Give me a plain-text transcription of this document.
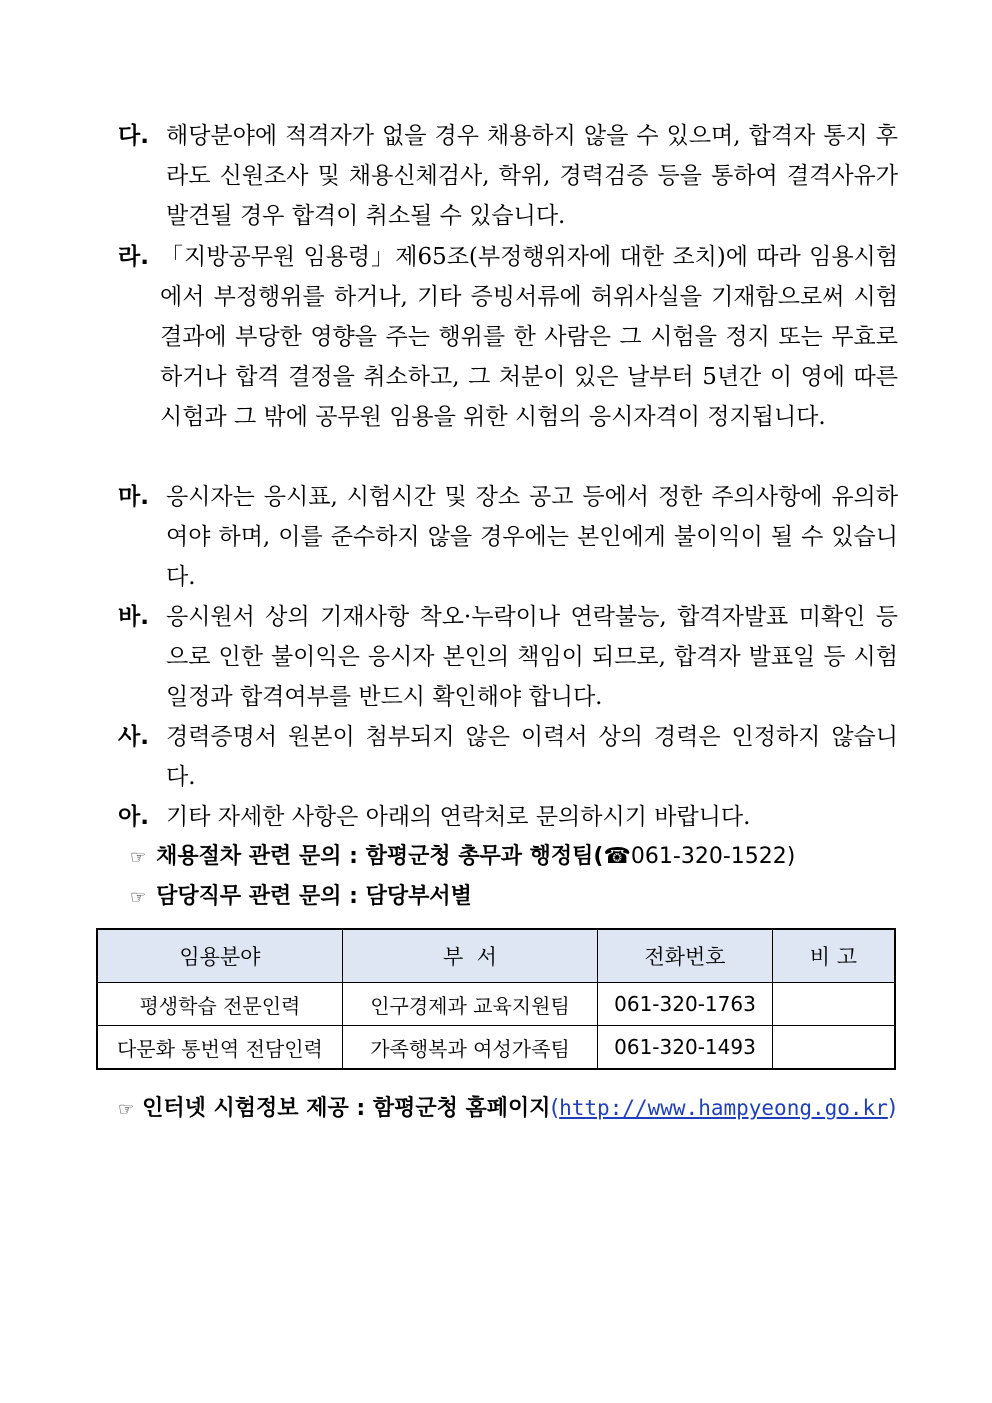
다. 해당분야에 적격자가 없을 경우 채용하지 않을 수 있으며, 합격자 통지 후라도 신원조사 및 채용신체검사, 학위, 경력검증 등을 통하여 결격사유가 발견될 경우 합격이 취소될 수 있습니다.
라. 「지방공무원 임용령」제65조(부정행위자에 대한 조치)에 따라 임용시험에서 부정행위를 하거나, 기타 증빙서류에 허위사실을 기재함으로써 시험결과에 부당한 영향을 주는 행위를 한 사람은 그 시험을 정지 또는 무효로 하거나 합격 결정을 취소하고, 그 처분이 있은 날부터 5년간 이 영에 따른 시험과 그 밖에 공무원 임용을 위한 시험의 응시자격이 정지됩니다.
마. 응시자는 응시표, 시험시간 및 장소 공고 등에서 정한 주의사항에 유의하여야 하며, 이를 준수하지 않을 경우에는 본인에게 불이익이 될 수 있습니다.
바. 응시원서 상의 기재사항 착오·누락이나 연락불능, 합격자발표 미확인 등으로 인한 불이익은 응시자 본인의 책임이 되므로, 합격자 발표일 등 시험일정과 합격여부를 반드시 확인해야 합니다.
사. 경력증명서 원본이 첨부되지 않은 이력서 상의 경력은 인정하지 않습니다.
아. 기타 자세한 사항은 아래의 연락처로 문의하시기 바랍니다.
☞ 채용절차 관련 문의 : 함평군청 총무과 행정팀(☎061-320-1522)
☞ 담당직무 관련 문의 : 담당부서별
임용분야	부  서	전화번호	비 고
평생학습 전문인력	인구경제과 교육지원팀	061-320-1763	
다문화 통번역 전담인력	가족행복과 여성가족팀	061-320-1493	
☞ 인터넷 시험정보 제공 : 함평군청 홈페이지(http://www.hampyeong.go.kr)
